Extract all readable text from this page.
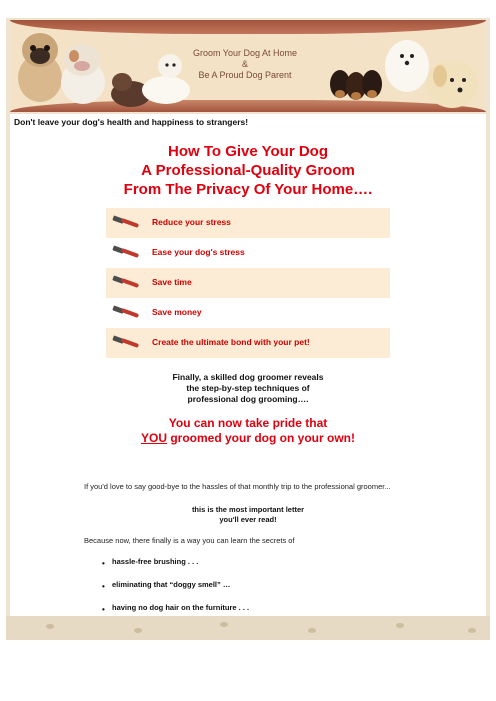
Groom Your Dog At Home
&
Be A Proud Dog Parent
Don't leave your dog's health and happiness to strangers!
How To Give Your Dog
A Professional-Quality Groom
From The Privacy Of Your Home….
Reduce your stress
Ease your dog's stress
Save time
Save money
Create the ultimate bond with your pet!
Finally, a skilled dog groomer reveals
the step-by-step techniques of
professional dog grooming….
You can now take pride that
YOU groomed your dog on your own!
If you'd love to say good-bye to the hassles of that monthly trip to the professional groomer...
this is the most important letter
you'll ever read!
Because now, there finally is a way you can learn the secrets of
• hassle-free brushing . . .
• eliminating that “doggy smell” …
• having no dog hair on the furniture . . .
